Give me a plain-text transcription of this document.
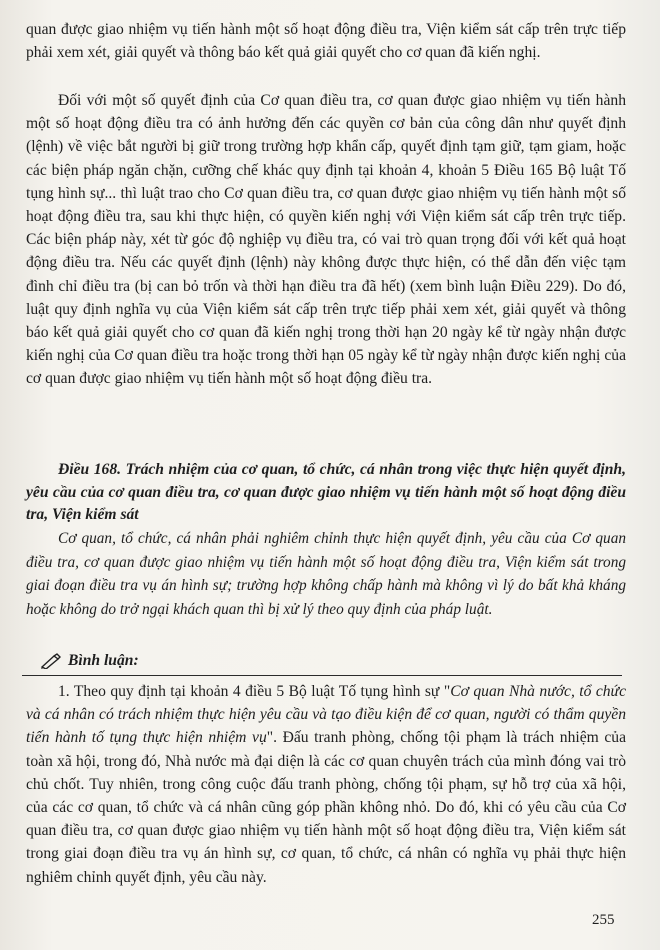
quan được giao nhiệm vụ tiến hành một số hoạt động điều tra, Viện kiểm sát cấp trên trực tiếp phải xem xét, giải quyết và thông báo kết quả giải quyết cho cơ quan đã kiến nghị.

Đối với một số quyết định của Cơ quan điều tra, cơ quan được giao nhiệm vụ tiến hành một số hoạt động điều tra có ảnh hưởng đến các quyền cơ bản của công dân như quyết định (lệnh) về việc bắt người bị giữ trong trường hợp khẩn cấp, quyết định tạm giữ, tạm giam, hoặc các biện pháp ngăn chặn, cưỡng chế khác quy định tại khoản 4, khoản 5 Điều 165 Bộ luật Tố tụng hình sự... thì luật trao cho Cơ quan điều tra, cơ quan được giao nhiệm vụ tiến hành một số hoạt động điều tra, sau khi thực hiện, có quyền kiến nghị với Viện kiểm sát cấp trên trực tiếp. Các biện pháp này, xét từ góc độ nghiệp vụ điều tra, có vai trò quan trọng đối với kết quả hoạt động điều tra. Nếu các quyết định (lệnh) này không được thực hiện, có thể dẫn đến việc tạm đình chỉ điều tra (bị can bỏ trốn và thời hạn điều tra đã hết) (xem bình luận Điều 229). Do đó, luật quy định nghĩa vụ của Viện kiểm sát cấp trên trực tiếp phải xem xét, giải quyết và thông báo kết quả giải quyết cho cơ quan đã kiến nghị trong thời hạn 20 ngày kể từ ngày nhận được kiến nghị của Cơ quan điều tra hoặc trong thời hạn 05 ngày kể từ ngày nhận được kiến nghị của cơ quan được giao nhiệm vụ tiến hành một số hoạt động điều tra.

Điều 168. Trách nhiệm của cơ quan, tổ chức, cá nhân trong việc thực hiện quyết định, yêu cầu của cơ quan điều tra, cơ quan được giao nhiệm vụ tiến hành một số hoạt động điều tra, Viện kiểm sát

Cơ quan, tổ chức, cá nhân phải nghiêm chỉnh thực hiện quyết định, yêu cầu của Cơ quan điều tra, cơ quan được giao nhiệm vụ tiến hành một số hoạt động điều tra, Viện kiểm sát trong giai đoạn điều tra vụ án hình sự; trường hợp không chấp hành mà không vì lý do bất khả kháng hoặc không do trở ngại khách quan thì bị xử lý theo quy định của pháp luật.

Bình luận:

1. Theo quy định tại khoản 4 điều 5 Bộ luật Tố tụng hình sự "Cơ quan Nhà nước, tổ chức và cá nhân có trách nhiệm thực hiện yêu cầu và tạo điều kiện để cơ quan, người có thẩm quyền tiến hành tố tụng thực hiện nhiệm vụ". Đấu tranh phòng, chống tội phạm là trách nhiệm của toàn xã hội, trong đó, Nhà nước mà đại diện là các cơ quan chuyên trách của mình đóng vai trò chủ chốt. Tuy nhiên, trong công cuộc đấu tranh phòng, chống tội phạm, sự hỗ trợ của xã hội, của các cơ quan, tổ chức và cá nhân cũng góp phần không nhỏ. Do đó, khi có yêu cầu của Cơ quan điều tra, cơ quan được giao nhiệm vụ tiến hành một số hoạt động điều tra, Viện kiểm sát trong giai đoạn điều tra vụ án hình sự, cơ quan, tổ chức, cá nhân có nghĩa vụ phải thực hiện nghiêm chỉnh quyết định, yêu cầu này.

255
